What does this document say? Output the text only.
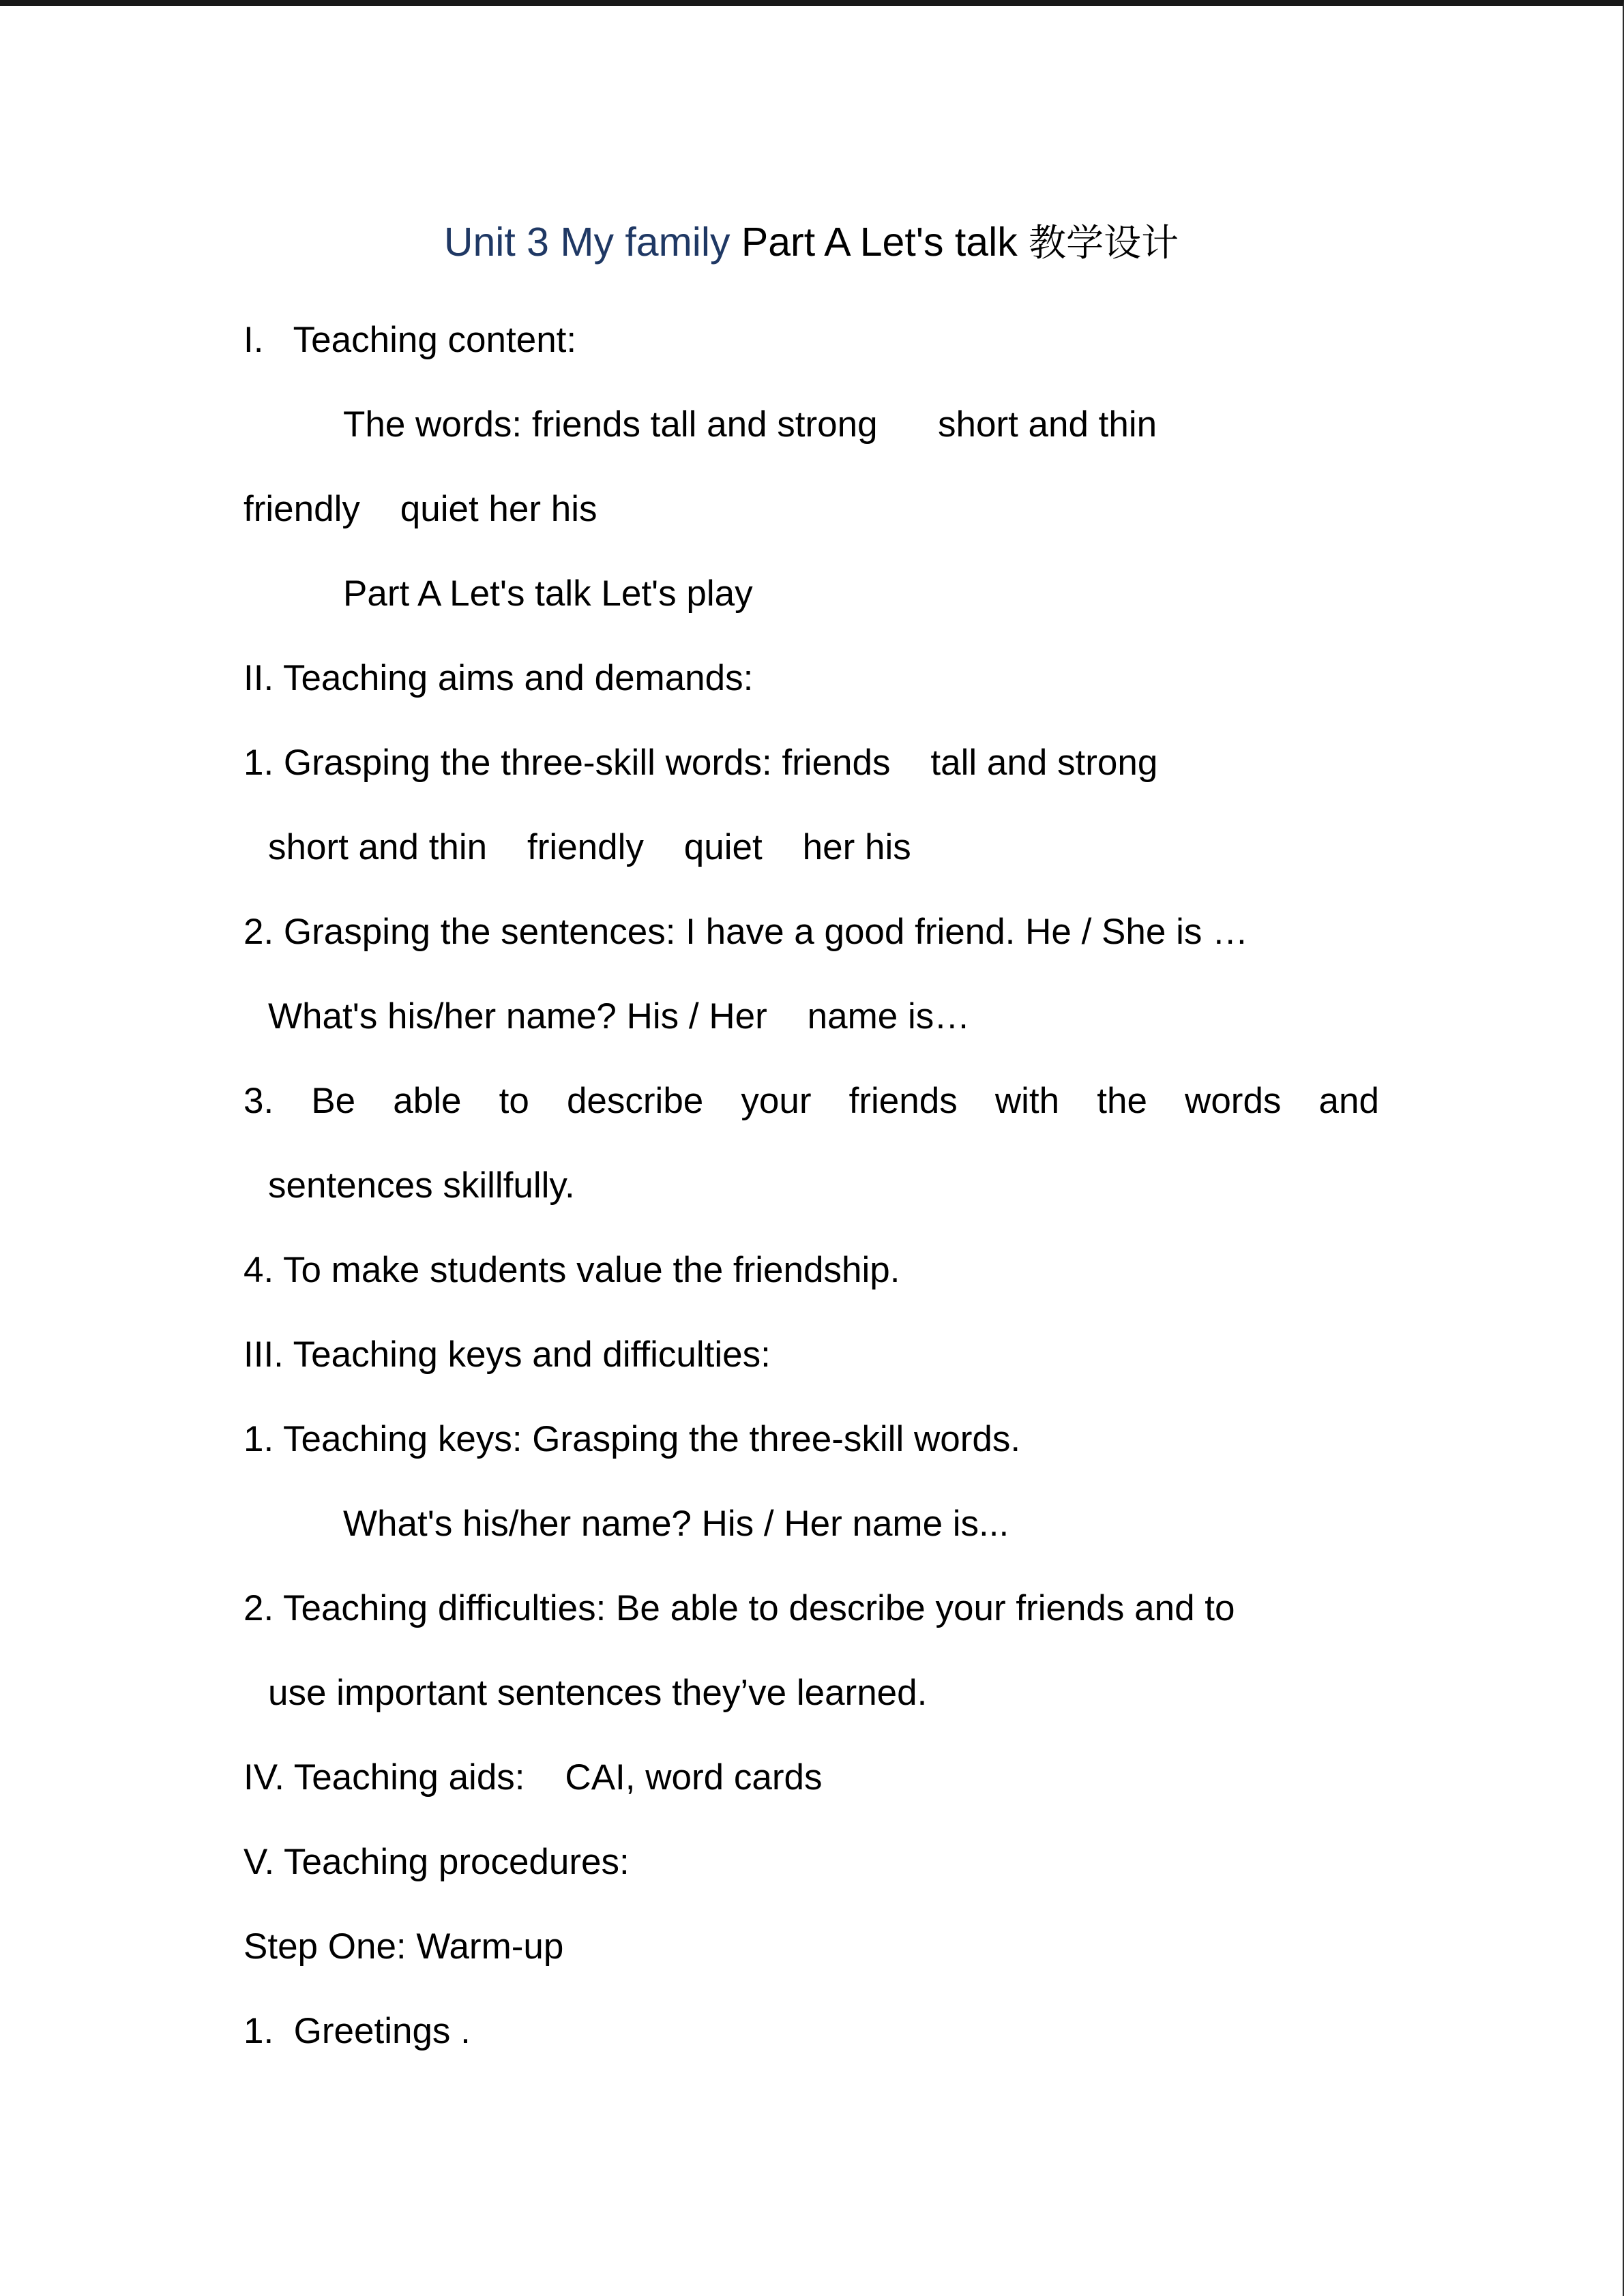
Unit 3 My family Part A Let's talk 教学设计

I.   Teaching content:

The words: friends tall and strong      short and thin

friendly    quiet her his

Part A Let's talk Let's play

II. Teaching aims and demands:

1. Grasping the three-skill words: friends    tall and strong

short and thin    friendly    quiet    her his

2. Grasping the sentences: I have a good friend. He / She is …

What's his/her name? His / Her    name is…

3. Be able to describe your friends with the words and

sentences skillfully.

4. To make students value the friendship.

III. Teaching keys and difficulties:

1. Teaching keys: Grasping the three-skill words.

What's his/her name? His / Her name is...

2. Teaching difficulties: Be able to describe your friends and to

use important sentences they’ve learned.

IV. Teaching aids:    CAI, word cards

V. Teaching procedures:

Step One: Warm-up

1.  Greetings .
